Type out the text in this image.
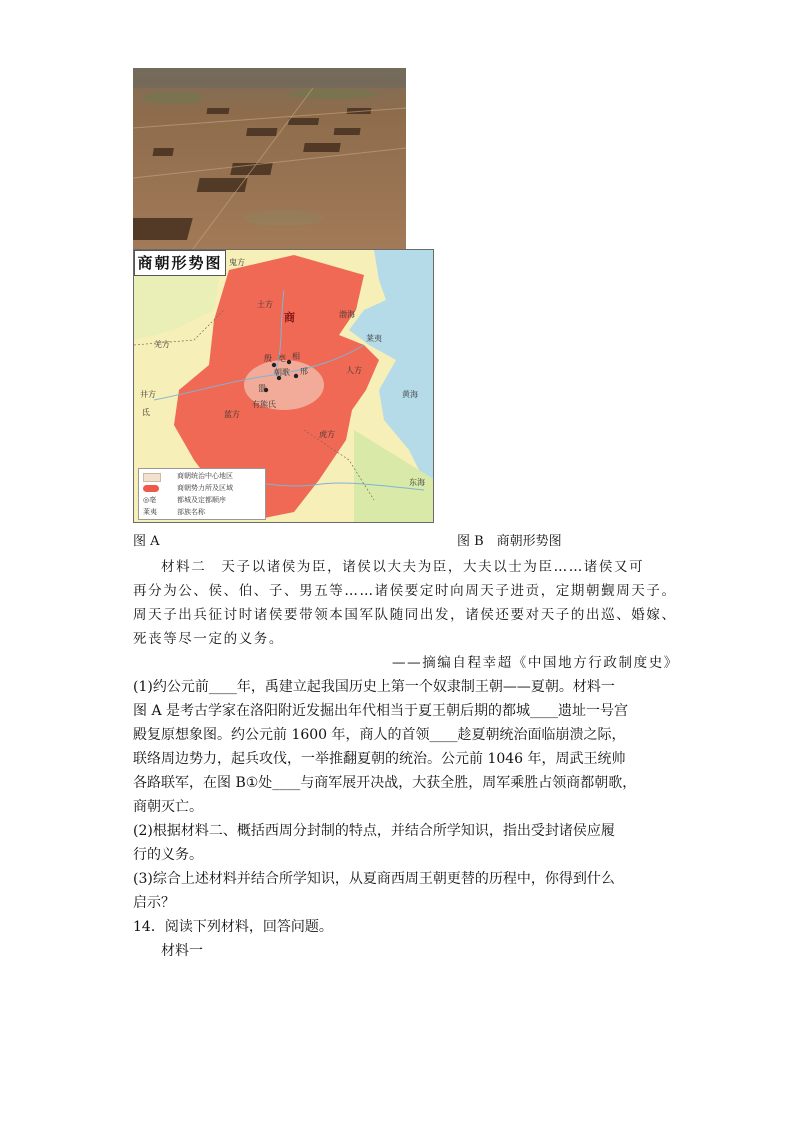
商朝形势图 鬼方
土方
羌方
商
亳 相
殷
朝歌 邢
嚣
人方
渤海
黄海
东海
莱夷
有熊氏
虎方
井方
氐	蓝方
商朝统治中心地区
商朝势力所及区域
◎亳	都城及定都顺序
莱夷	部族名称
图 A	图 B　商朝形势图
材料二　天子以诸侯为臣，诸侯以大夫为臣，大夫以士为臣……诸侯又可
再分为公、侯、伯、子、男五等……诸侯要定时向周天子进贡，定期朝觐周天子。
周天子出兵征讨时诸侯要带领本国军队随同出发，诸侯还要对天子的出巡、婚嫁、
死丧等尽一定的义务。
——摘编自程幸超《中国地方行政制度史》
(1)约公元前____年，禹建立起我国历史上第一个奴隶制王朝——夏朝。材料一
图 A 是考古学家在洛阳附近发掘出年代相当于夏王朝后期的都城____遗址一号宫
殿复原想象图。约公元前 1600 年，商人的首领____趁夏朝统治面临崩溃之际，
联络周边势力，起兵攻伐，一举推翻夏朝的统治。公元前 1046 年，周武王统帅
各路联军，在图 B①处____与商军展开决战，大获全胜，周军乘胜占领商都朝歌，
商朝灭亡。
(2)根据材料二、概括西周分封制的特点，并结合所学知识，指出受封诸侯应履
行的义务。
(3)综合上述材料并结合所学知识，从夏商西周王朝更替的历程中，你得到什么
启示？
14．阅读下列材料，回答问题。
　材料一
